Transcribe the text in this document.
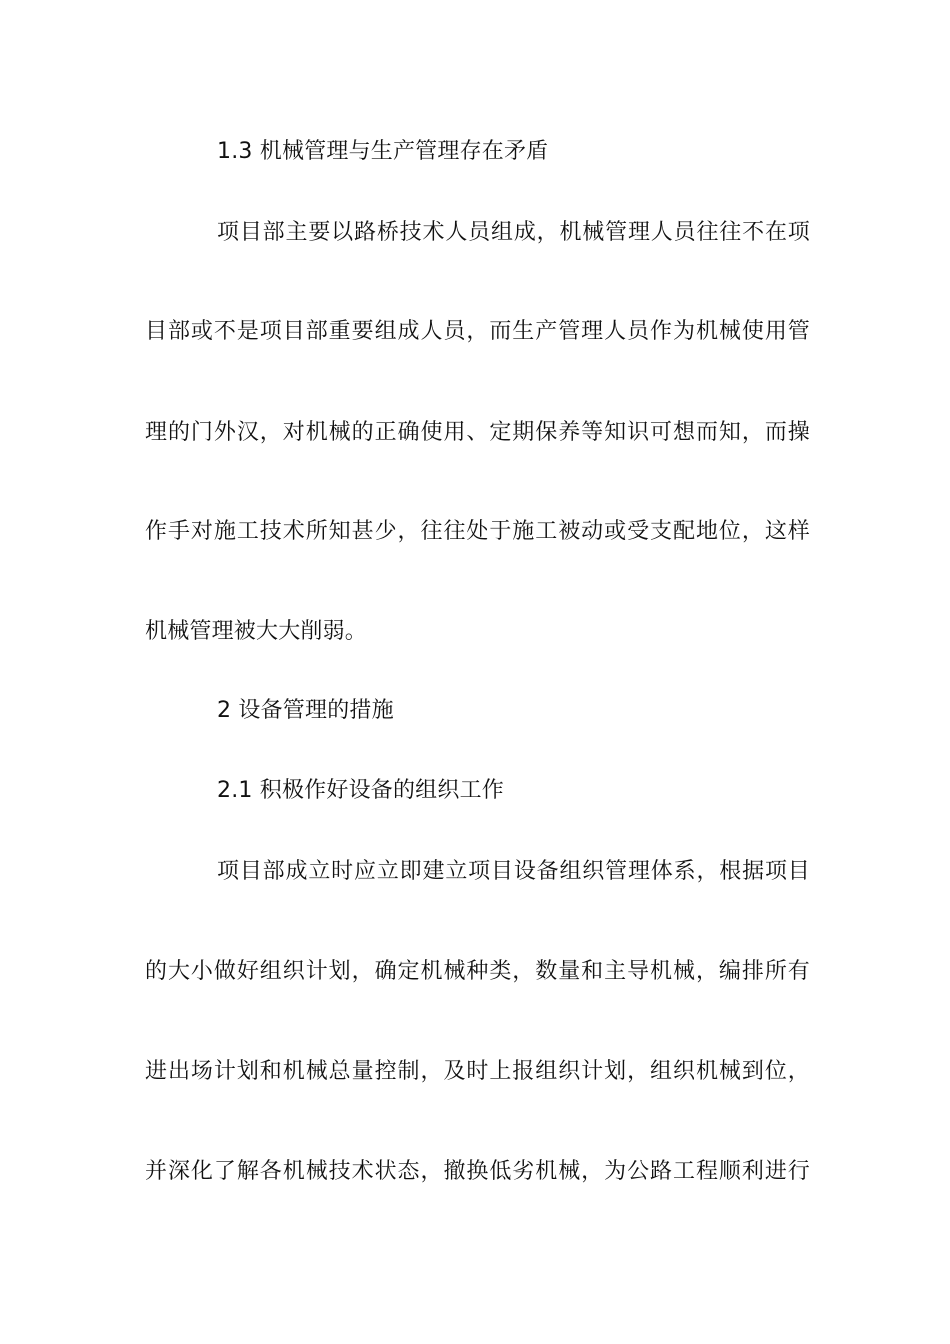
1.3 机械管理与生产管理存在矛盾
项目部主要以路桥技术人员组成，机械管理人员往往不在项
目部或不是项目部重要组成人员，而生产管理人员作为机械使用管
理的门外汉，对机械的正确使用、定期保养等知识可想而知，而操
作手对施工技术所知甚少，往往处于施工被动或受支配地位，这样
机械管理被大大削弱。
2 设备管理的措施
2.1 积极作好设备的组织工作
项目部成立时应立即建立项目设备组织管理体系，根据项目
的大小做好组织计划，确定机械种类，数量和主导机械，编排所有
进出场计划和机械总量控制，及时上报组织计划，组织机械到位，
并深化了解各机械技术状态，撤换低劣机械，为公路工程顺利进行
